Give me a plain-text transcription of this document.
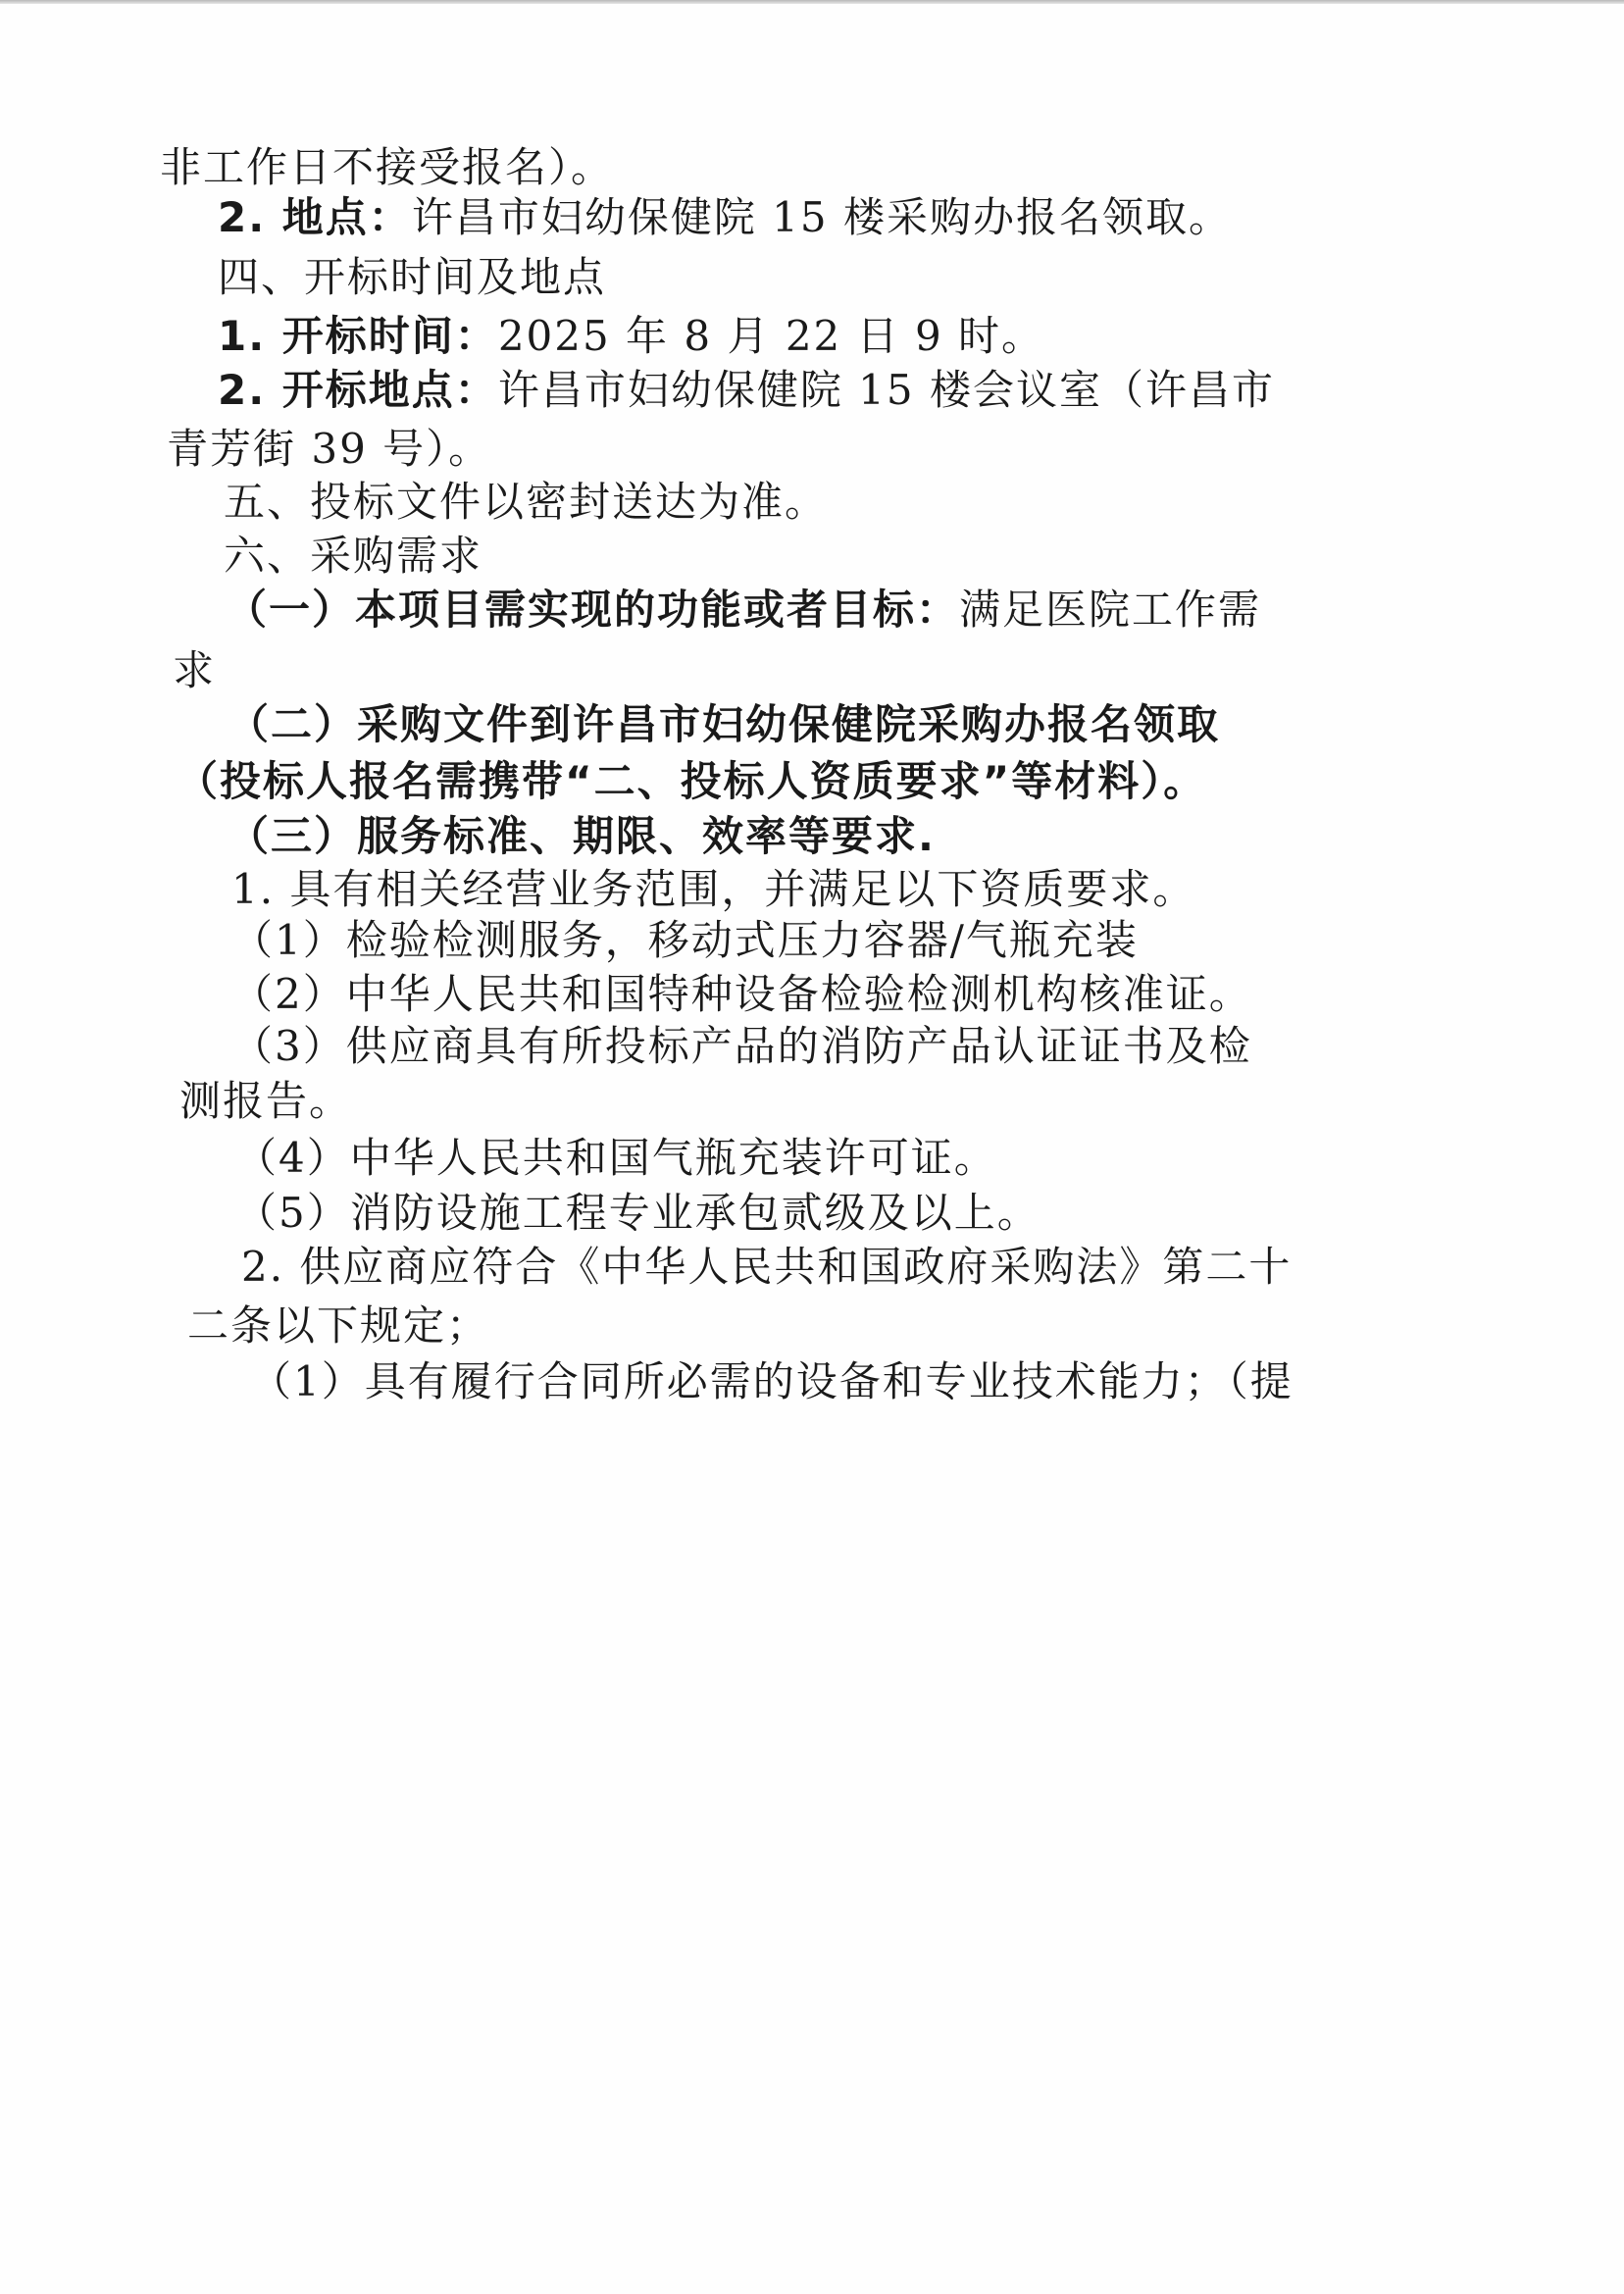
非工作日不接受报名）。
2. 地点：许昌市妇幼保健院 15 楼采购办报名领取。
四、开标时间及地点
1. 开标时间：2025 年 8 月 22 日 9 时。
2. 开标地点：许昌市妇幼保健院 15 楼会议室（许昌市
青芳街 39 号）。
五、投标文件以密封送达为准。
六、采购需求
（一）本项目需实现的功能或者目标：满足医院工作需
求
（二）采购文件到许昌市妇幼保健院采购办报名领取
（投标人报名需携带“二、投标人资质要求”等材料）。
（三）服务标准、期限、效率等要求.
1. 具有相关经营业务范围，并满足以下资质要求。
（1）检验检测服务，移动式压力容器/气瓶充装
（2）中华人民共和国特种设备检验检测机构核准证。
（3）供应商具有所投标产品的消防产品认证证书及检
测报告。
（4）中华人民共和国气瓶充装许可证。
（5）消防设施工程专业承包贰级及以上。
2. 供应商应符合《中华人民共和国政府采购法》第二十
二条以下规定；
（1）具有履行合同所必需的设备和专业技术能力；（提
